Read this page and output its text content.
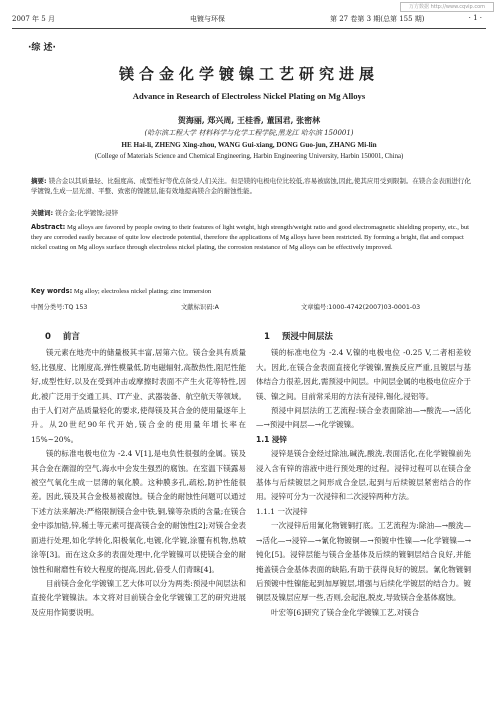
万方数据 http://www.cqvip.com
2007 年 5 月	电镀与环保	第 27 卷第 3 期(总第 155 期)	· 1 ·
·综 述·
镁合金化学镀镍工艺研究进展
Advance in Research of Electroless Nickel Plating on Mg Alloys
贺海丽, 郑兴周, 王桂香, 董国君, 张密林
(哈尔滨工程大学 材料科学与化学工程学院,黑龙江 哈尔滨 150001)
HE Hai-li, ZHENG Xing-zhou, WANG Gui-xiang, DONG Guo-jun, ZHANG Mi-lin
(College of Materials Science and Chemical Engineering, Harbin Engineering University, Harbin 150001, China)
摘要: 镁合金以其质量轻、比强度高、成型性好等优点备受人们关注。但是镁的电极电位比较低,容易被腐蚀,因此,使其应用受到限制。在镁合金表面进行化学镀镍,生成一层光滑、平整、致密的镍镀层,能有效地提高镁合金的耐蚀性能。
关键词: 镁合金;化学镀镍;浸锌
Abstract: Mg alloys are favored by people owing to their features of light weight, high strength/weight ratio and good electromagnetic shielding property, etc., but they are corroded easily because of quite low electrode potential, therefore the applications of Mg alloys have been restricted. By forming a bright, flat and compact nickel coating on Mg alloys surface through electroless nickel plating, the corrosion resistance of Mg alloys can be effectively improved.
Key words: Mg alloy; electroless nickel plating; zinc immersion
中图分类号:TQ 153	文献标识码:A	文章编号:1000-4742(2007)03-0001-03
0 前言

镁元素在地壳中的储量极其丰富,居第六位。镁合金具有质量轻,比强度、比刚度高,弹性模量低,防电磁辐射,高散热性,阻尼性能好,成型性好,以及在受到冲击或摩擦时表面不产生火花等特性,因此,被广泛用于交通工具、IT产业、武器装备、航空航天等领域。由于人们对产品质量轻化的要求,使得镁及其合金的使用量逐年上升。从20世纪90年代开始,镁合金的使用量年增长率在15%~20%。

镁的标准电极电位为 -2.4 V[1],是电负性很强的金属。镁及其合金在潮湿的空气,海水中会发生强烈的腐蚀。在室温下镁露易被空气氧化生成一层薄的氧化膜。这种膜多孔,疏松,防护性能很差。因此,镁及其合金极易被腐蚀。镁合金的耐蚀性问题可以通过下述方法来解决:严格限制镁合金中铁,铜,镍等杂质的含量;在镁合金中添加锆,锌,稀土等元素可提高镁合金的耐蚀性[2];对镁合金表面进行处理,如化学转化,阳极氧化,电镀,化学镀,涂覆有机物,热喷涂等[3]。而在这众多的表面处理中,化学镀镍可以使镁合金的耐蚀性和耐磨性有较大程度的提高,因此,倍受人们青睐[4]。

目前镁合金化学镀镍工艺大体可以分为两类:预浸中间层法和直接化学镀镍法。本文将对目前镁合金化学镀镍工艺的研究进展及应用作简要说明。

1 预浸中间层法

镁的标准电位为 -2.4 V,镍的电极电位 -0.25 V,二者相差较大。因此,在镁合金表面直接化学镀镍,置换反应严重,且镀层与基体结合力很差,因此,需预浸中间层。中间层金属的电极电位应介于镁、镍之间。目前常采用的方法有浸锌,锡化,浸铝等。

预浸中间层法的工艺流程:镁合金表面除油—→酸洗—→活化—→预浸中间层—→化学镀镍。

1.1 浸锌

浸锌是镁合金经过除油,碱洗,酸洗,表面活化,在化学镀镍前先浸入含有锌的溶液中进行预处理的过程。浸锌过程可以在镁合金基体与后续镀层之间形成合金层,起到与后续镀层紧密结合的作用。浸锌可分为一次浸锌和二次浸锌两种方法。

1.1.1 一次浸锌

一次浸锌后用氰化物镀铜打底。工艺流程为:除油—→酸洗—→活化—→浸锌—→氰化物镀铜—→预镀中性镍—→化学镀镍—→钝化[5]。浸锌层能与镁合金基体及后续的镀铜层结合良好,并能掩盖镁合金基体表面的缺陷,有助于获得良好的镀层。氰化物镀铜后预镀中性镍能起到加厚镀层,增强与后续化学镀层的结合力。镀铜层及镍层应厚一些,否则,会起泡,脱皮,导致镁合金基体腐蚀。

叶宏等[6]研究了镁合金化学镀镍工艺,对镁合
